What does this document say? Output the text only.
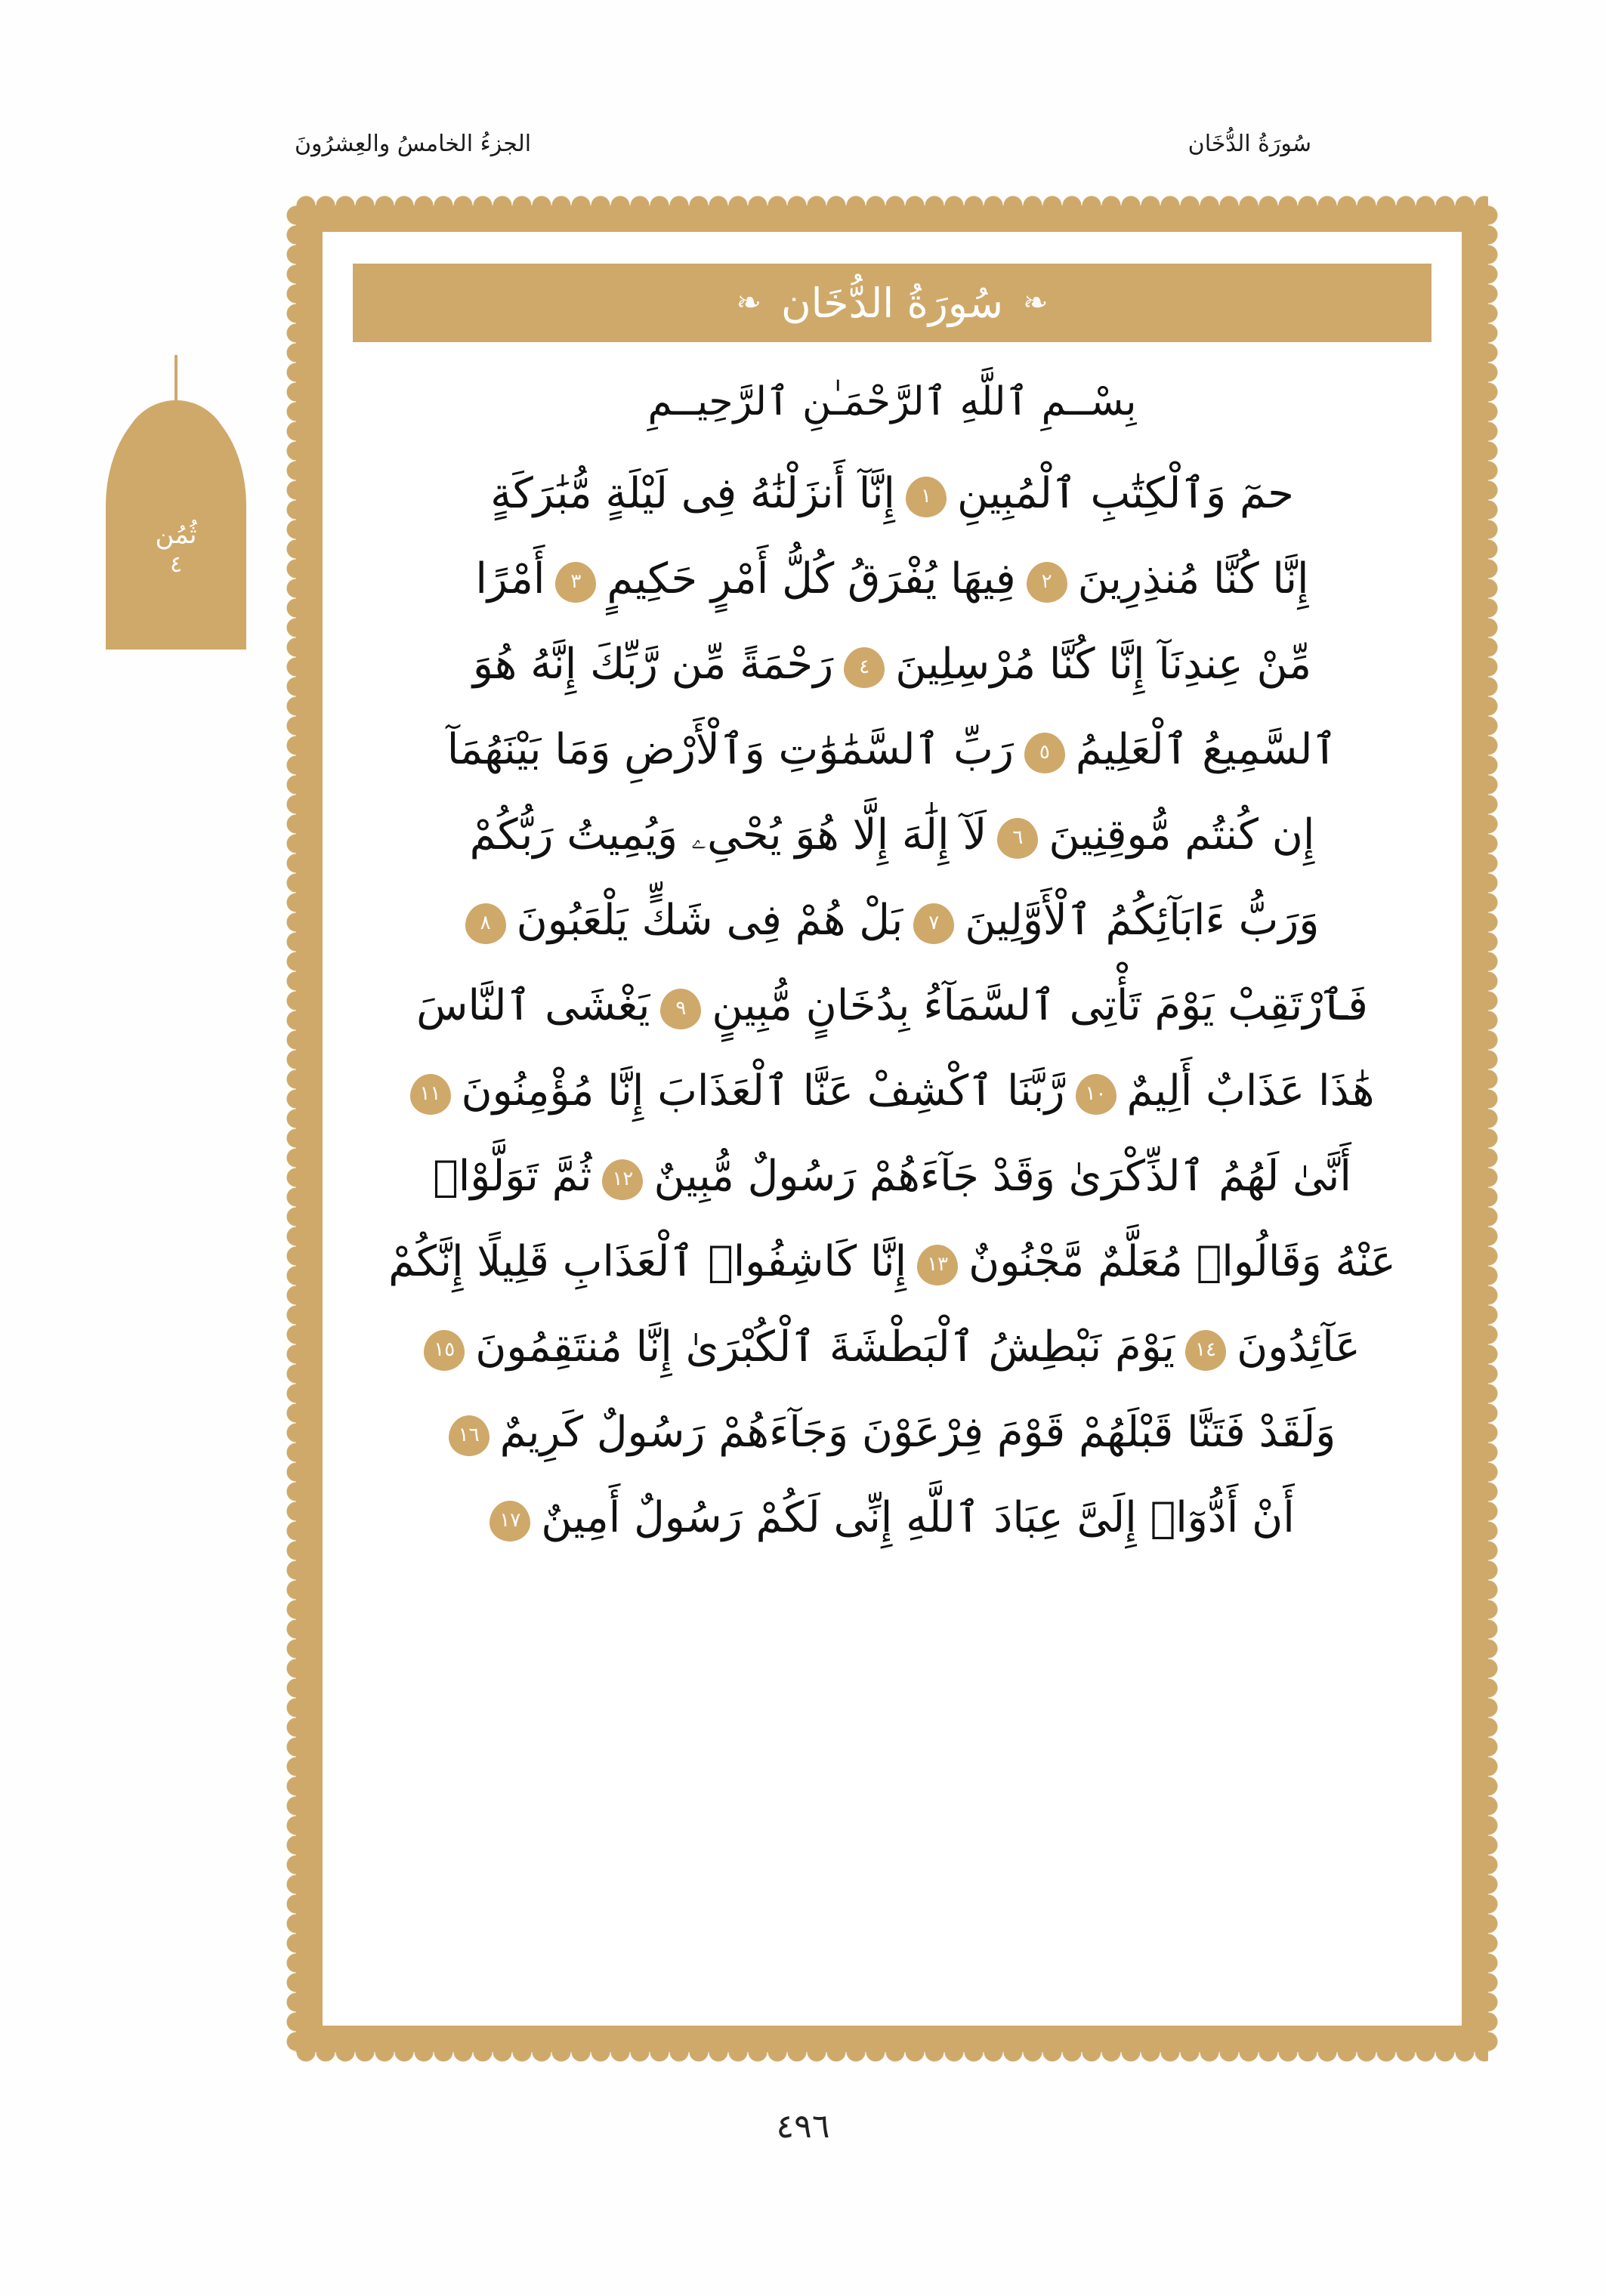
الجزءُ الخامسُ والعِشرُونَ	سُورَةُ الدُّخَان
ثُمُن
٤
❧
سُورَةُ الدُّخَان
❧
بِسْــمِ ٱللَّهِ ٱلرَّحْمَـٰنِ ٱلرَّحِيــمِ
حمٓ وَٱلْكِتَٰبِ ٱلْمُبِينِ
١
إِنَّآ أَنزَلْنَٰهُ فِى لَيْلَةٍ مُّبَٰرَكَةٍ
إِنَّا كُنَّا مُنذِرِينَ
٢
فِيهَا يُفْرَقُ كُلُّ أَمْرٍ حَكِيمٍ
٣
أَمْرًا
مِّنْ عِندِنَآ إِنَّا كُنَّا مُرْسِلِينَ
٤
رَحْمَةً مِّن رَّبِّكَ إِنَّهُ هُوَ
ٱلسَّمِيعُ ٱلْعَلِيمُ
٥
رَبِّ ٱلسَّمَٰوَٰتِ وَٱلْأَرْضِ وَمَا بَيْنَهُمَآ
إِن كُنتُم مُّوقِنِينَ
٦
لَآ إِلَٰهَ إِلَّا هُوَ يُحْىِۦ وَيُمِيتُ رَبُّكُمْ
وَرَبُّ ءَابَآئِكُمُ ٱلْأَوَّلِينَ
٧
بَلْ هُمْ فِى شَكٍّ يَلْعَبُونَ
٨
فَٱرْتَقِبْ يَوْمَ تَأْتِى ٱلسَّمَآءُ بِدُخَانٍ مُّبِينٍ
٩
يَغْشَى ٱلنَّاسَ
هَٰذَا عَذَابٌ أَلِيمٌ
١٠
رَّبَّنَا ٱكْشِفْ عَنَّا ٱلْعَذَابَ إِنَّا مُؤْمِنُونَ
١١
أَنَّىٰ لَهُمُ ٱلذِّكْرَىٰ وَقَدْ جَآءَهُمْ رَسُولٌ مُّبِينٌ
١٢
ثُمَّ تَوَلَّوْا۟
عَنْهُ وَقَالُوا۟ مُعَلَّمٌ مَّجْنُونٌ
١٣
إِنَّا كَاشِفُوا۟ ٱلْعَذَابِ قَلِيلًا إِنَّكُمْ
عَآئِدُونَ
١٤
يَوْمَ نَبْطِشُ ٱلْبَطْشَةَ ٱلْكُبْرَىٰ إِنَّا مُنتَقِمُونَ
١٥
وَلَقَدْ فَتَنَّا قَبْلَهُمْ قَوْمَ فِرْعَوْنَ وَجَآءَهُمْ رَسُولٌ كَرِيمٌ
١٦
أَنْ أَدُّوٓا۟ إِلَىَّ عِبَادَ ٱللَّهِ إِنِّى لَكُمْ رَسُولٌ أَمِينٌ
١٧
٤٩٦
